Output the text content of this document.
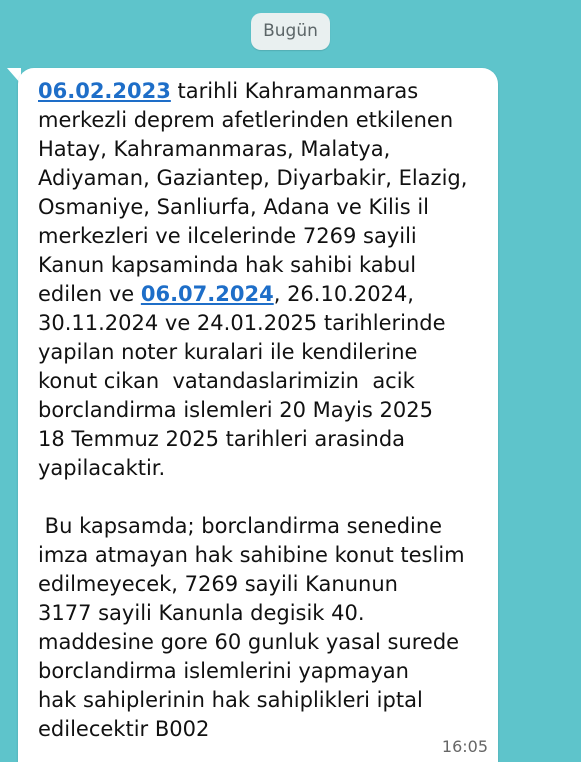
Bugün

06.02.2023 tarihli Kahramanmaras
merkezli deprem afetlerinden etkilenen
Hatay, Kahramanmaras, Malatya,
Adiyaman, Gaziantep, Diyarbakir, Elazig,
Osmaniye, Sanliurfa, Adana ve Kilis il
merkezleri ve ilcelerinde 7269 sayili
Kanun kapsaminda hak sahibi kabul
edilen ve 06.07.2024, 26.10.2024,
30.11.2024 ve 24.01.2025 tarihlerinde
yapilan noter kuralari ile kendilerine
konut cikan  vatandaslarimizin  acik
borclandirma islemleri 20 Mayis 2025
18 Temmuz 2025 tarihleri arasinda
yapilacaktir.

Bu kapsamda; borclandirma senedine
imza atmayan hak sahibine konut teslim
edilmeyecek, 7269 sayili Kanunun
3177 sayili Kanunla degisik 40.
maddesine gore 60 gunluk yasal surede
borclandirma islemlerini yapmayan
hak sahiplerinin hak sahiplikleri iptal
edilecektir B002

16:05
